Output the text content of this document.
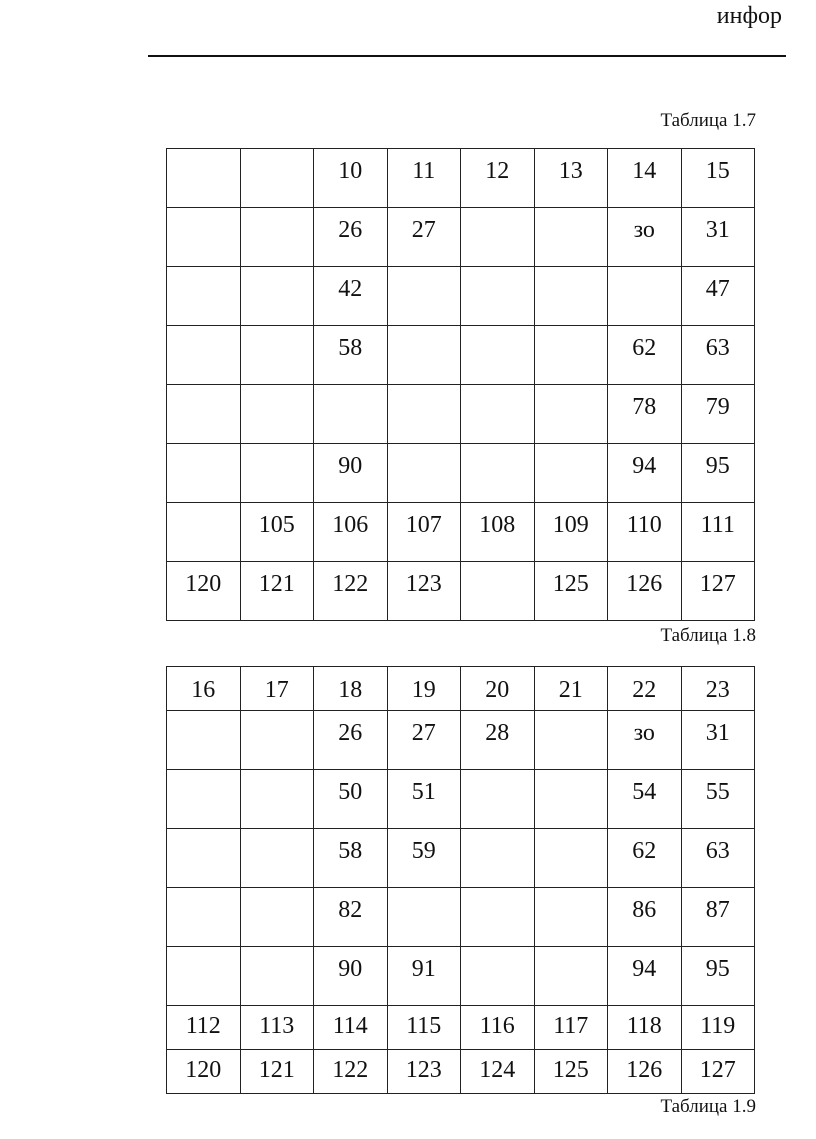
инфор
Таблица 1.7
		10	11	12	13	14	15
		26	27			зо	31
		42					47
		58				62	63
						78	79
		90				94	95
	105	106	107	108	109	110	111
120	121	122	123		125	126	127
Таблица 1.8
16	17	18	19	20	21	22	23
		26	27	28		зо	31
		50	51			54	55
		58	59			62	63
		82				86	87
		90	91			94	95
112	113	114	115	116	117	118	119
120	121	122	123	124	125	126	127
Таблица 1.9
